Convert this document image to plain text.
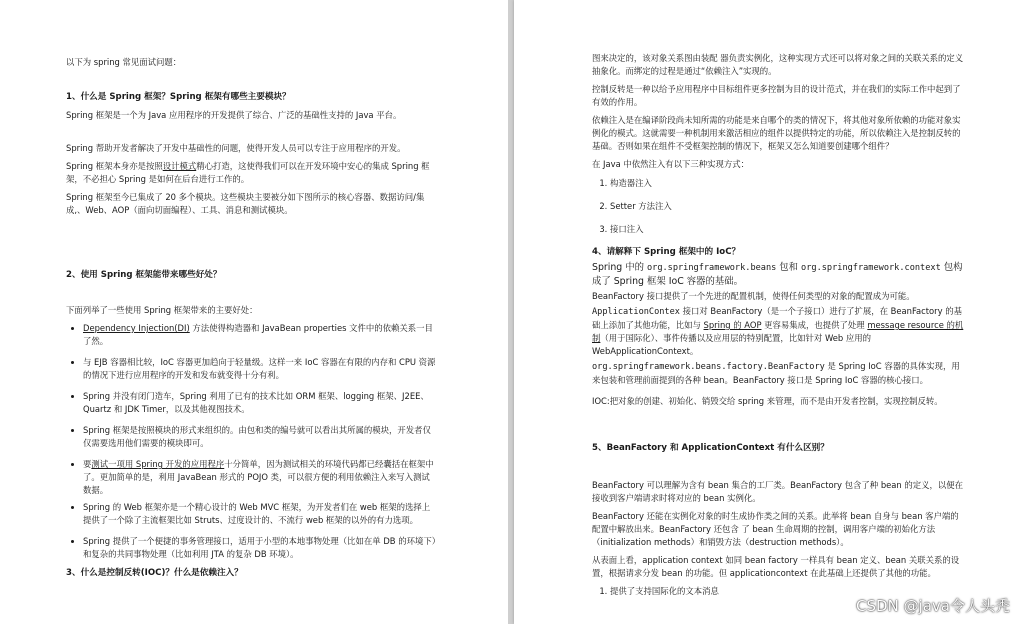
以下为 spring 常见面试问题：

1、什么是 Spring 框架？Spring 框架有哪些主要模块？

Spring 框架是一个为 Java 应用程序的开发提供了综合、广泛的基础性支持的 Java 平台。

Spring 帮助开发者解决了开发中基础性的问题，使得开发人员可以专注于应用程序的开发。

Spring 框架本身亦是按照设计模式精心打造，这使得我们可以在开发环境中安心的集成 Spring 框架，不必担心 Spring 是如何在后台进行工作的。

Spring 框架至今已集成了 20 多个模块。这些模块主要被分如下图所示的核心容器、数据访问/集成,、Web、AOP（面向切面编程）、工具、消息和测试模块。

2、使用 Spring 框架能带来哪些好处？

下面列举了一些使用 Spring 框架带来的主要好处：

• Dependency Injection(DI) 方法使得构造器和 JavaBean properties 文件中的依赖关系一目了然。
• 与 EJB 容器相比较，IoC 容器更加趋向于轻量级。这样一来 IoC 容器在有限的内存和 CPU 资源的情况下进行应用程序的开发和发布就变得十分有利。
• Spring 并没有闭门造车，Spring 利用了已有的技术比如 ORM 框架、logging 框架、J2EE、Quartz 和 JDK Timer，以及其他视图技术。
• Spring 框架是按照模块的形式来组织的。由包和类的编号就可以看出其所属的模块，开发者仅仅需要选用他们需要的模块即可。
• 要测试一项用 Spring 开发的应用程序十分简单，因为测试相关的环境代码都已经囊括在框架中了。更加简单的是，利用 JavaBean 形式的 POJO 类，可以很方便的利用依赖注入来写入测试数据。
• Spring 的 Web 框架亦是一个精心设计的 Web MVC 框架，为开发者们在 web 框架的选择上提供了一个除了主流框架比如 Struts、过度设计的、不流行 web 框架的以外的有力选项。
• Spring 提供了一个便捷的事务管理接口，适用于小型的本地事物处理（比如在单 DB 的环境下）和复杂的共同事物处理（比如利用 JTA 的复杂 DB 环境）。

3、什么是控制反转(IOC)？什么是依赖注入？

图来决定的，该对象关系图由装配 器负责实例化，这种实现方式还可以将对象之间的关联关系的定义抽象化。而绑定的过程是通过“依赖注入”实现的。

控制反转是一种以给予应用程序中目标组件更多控制为目的设计范式，并在我们的实际工作中起到了有效的作用。

依赖注入是在编译阶段尚未知所需的功能是来自哪个的类的情况下，将其他对象所依赖的功能对象实例化的模式。这就需要一种机制用来激活相应的组件以提供特定的功能，所以依赖注入是控制反转的基础。否则如果在组件不受框架控制的情况下，框架又怎么知道要创建哪个组件？

在 Java 中依然注入有以下三种实现方式：

1. 构造器注入
2. Setter 方法注入
3. 接口注入

4、请解释下 Spring 框架中的 IoC？

Spring 中的 org.springframework.beans 包和 org.springframework.context 包构成了 Spring 框架 IoC 容器的基础。

BeanFactory 接口提供了一个先进的配置机制，使得任何类型的对象的配置成为可能。

ApplicationContex 接口对 BeanFactory（是一个子接口）进行了扩展，在 BeanFactory 的基础上添加了其他功能，比如与 Spring 的 AOP 更容易集成，也提供了处理 message resource 的机制（用于国际化）、事件传播以及应用层的特别配置，比如针对 Web 应用的 WebApplicationContext。

org.springframework.beans.factory.BeanFactory 是 Spring IoC 容器的具体实现，用来包装和管理前面提到的各种 bean。BeanFactory 接口是 Spring IoC 容器的核心接口。

IOC:把对象的创建、初始化、销毁交给 spring 来管理，而不是由开发者控制，实现控制反转。

5、BeanFactory 和 ApplicationContext 有什么区别？

BeanFactory 可以理解为含有 bean 集合的工厂类。BeanFactory 包含了种 bean 的定义，以便在接收到客户端请求时将对应的 bean 实例化。

BeanFactory 还能在实例化对象的时生成协作类之间的关系。此举将 bean 自身与 bean 客户端的配置中解放出来。BeanFactory 还包含 了 bean 生命周期的控制，调用客户端的初始化方法（initialization methods）和销毁方法（destruction methods）。

从表面上看，application context 如同 bean factory 一样具有 bean 定义、bean 关联关系的设置，根据请求分发 bean 的功能。但 applicationcontext 在此基础上还提供了其他的功能。

1. 提供了支持国际化的文本消息
CSDN @java令人头秃
